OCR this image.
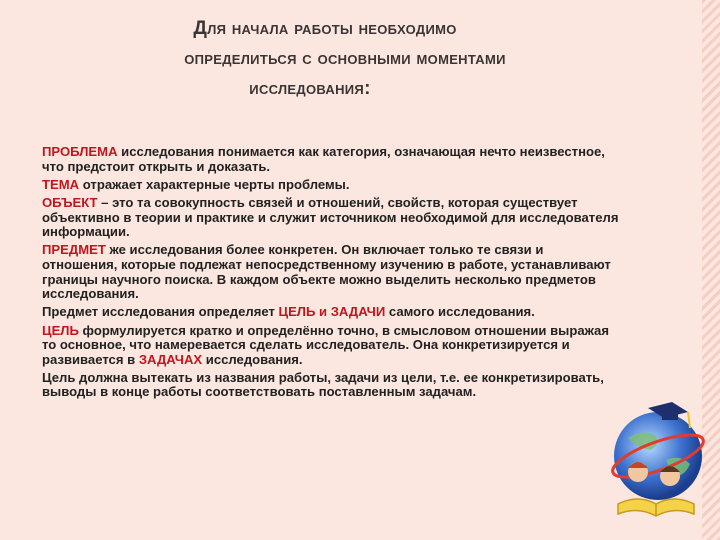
Для начала работы необходимо
определиться с основными моментами
исследования:
ПРОБЛЕМА исследования понимается как категория, означающая нечто неизвестное, что предстоит открыть и доказать.
ТЕМА отражает характерные черты проблемы.
ОБЪЕКТ – это та совокупность связей и отношений, свойств, которая существует объективно в теории и практике и служит источником необходимой для исследователя информации.
ПРЕДМЕТ же исследования более конкретен. Он включает только те связи и отношения, которые подлежат непосредственному изучению в работе, устанавливают границы научного поиска. В каждом объекте можно выделить несколько предметов исследования.
Предмет исследования определяет ЦЕЛЬ и ЗАДАЧИ самого исследования.
ЦЕЛЬ формулируется кратко и определённо точно, в смысловом отношении выражая то основное, что намеревается сделать исследователь. Она конкретизируется и развивается в ЗАДАЧАХ исследования.
Цель должна вытекать из названия работы, задачи из цели, т.е. ее конкретизировать, выводы в конце работы соответствовать поставленным задачам.
